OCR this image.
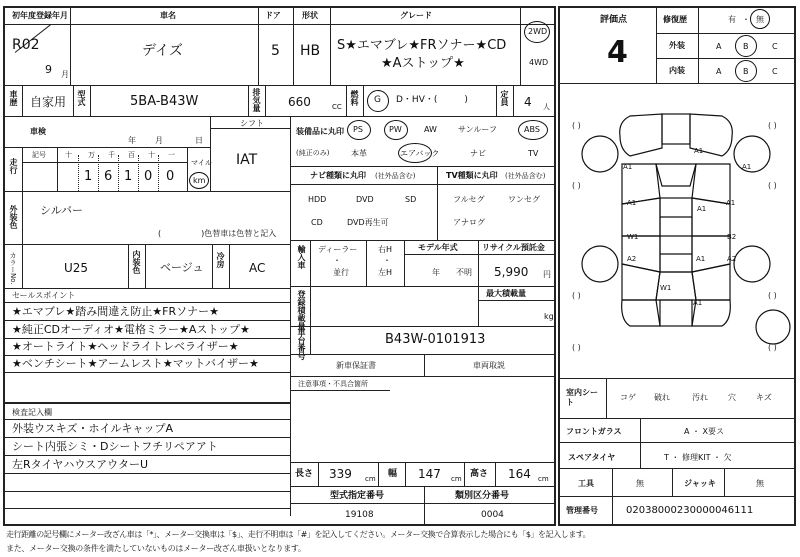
初年度登録年月	車名	ドア	形状	グレード
R02
9 月
デイズ	5 HB S★エマブレ★FRソナー★CD
★Aストップ★
2WD
4WD
車歴 自家用 型式	5BA-B43W	排気量 660	CC
燃料 G D・HV・(　　　)	定員 4 人
車検
年 月	日
シフト
IAT
走行
記号	十 万 千 百 十 一
1 6 1 0 0
マイル
km
装備品に丸印
(純正のみ)
PS	PW	AW	サンルーフ	ABS
本革	エアバック	ナビ	TV
ナビ種類に丸印 (社外品含む)	TV種類に丸印 (社外品含む)
HDD	DVD	SD
CD	DVD再生可
フルセグ	ワンセグ
アナログ
外装色 シルバー
(　　　　　)色替車は色替と記入
カラーNo.	U25	内装色 ベージュ 冷房 AC	輸入車 ディーラー
・
並行
右H
・
左H
モデル年式
年 不明
リサイクル預託金
5,990 円
セールスポイント
★エマブレ★踏み間違え防止★FRソナー★
★純正CDオーディオ★電格ミラー★Aストップ★
★オートライト★ヘッドライトレベライザー★
★ベンチシート★アームレスト★マットバイザー★
登録積載量	最大積載量
kg
車台番号	B43W-0101913
新車保証書	車両取説
注意事項・不具合箇所
検査記入欄
外装ウスキズ・ホイルキャップA
シート内張シミ・Dシートフチリペアアト
左RタイヤハウスアウターU
長さ 339 cm 幅 147 cm 高さ 164 cm
型式指定番号	類別区分番号
19108	0004
評価点
4
修復歴	有 ・ 無
外装	A	B	C
内装	A	B	C
( )	( )
( )	( )
( )	( )
( )	( )
A1
A1	A1
A1
A1
A1
W1	B2
A2	A2
A1
W1
A1
室内シート
コゲ 破れ	汚れ	穴	キズ
フロントガラス	A ・ X要ス
スペアタイヤ	T ・ 修理KIT ・ 欠
工具	無	ジャッキ	無
管理番号	02038000230000046111
走行距離の記号欄にメーター改ざん車は「*」、メーター交換車は「$」、走行不明車は「#」を記入してください。メーター交換で合算表示した場合にも「$」を記入します。
また、メーター交換の条件を満たしていないものはメーター改ざん車扱いとなります。
